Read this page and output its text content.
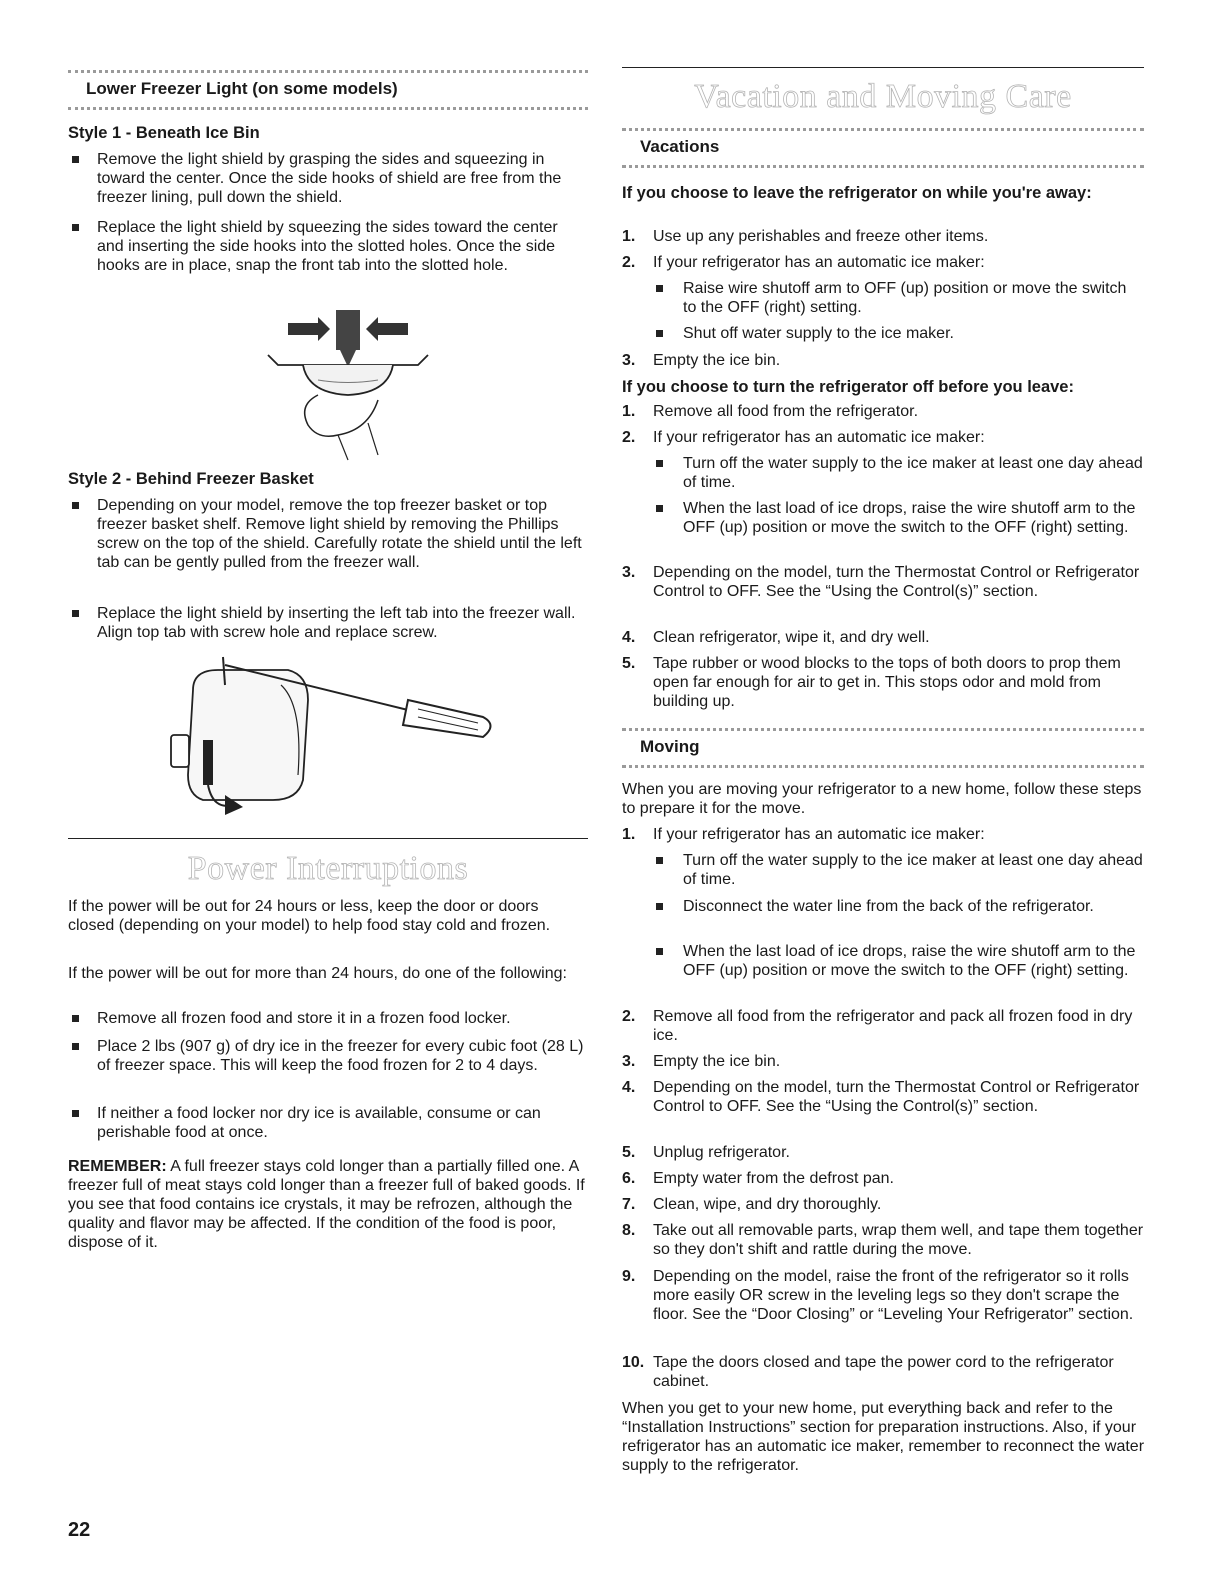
Lower Freezer Light (on some models)
Style 1 - Beneath Ice Bin
Remove the light shield by grasping the sides and squeezing in toward the center. Once the side hooks of shield are free from the freezer lining, pull down the shield.
Replace the light shield by squeezing the sides toward the center and inserting the side hooks into the slotted holes. Once the side hooks are in place, snap the front tab into the slotted hole.
Style 2 - Behind Freezer Basket
Depending on your model, remove the top freezer basket or top freezer basket shelf. Remove light shield by removing the Phillips screw on the top of the shield. Carefully rotate the shield until the left tab can be gently pulled from the freezer wall.
Replace the light shield by inserting the left tab into the freezer wall. Align top tab with screw hole and replace screw.
Power Interruptions
If the power will be out for 24 hours or less, keep the door or doors closed (depending on your model) to help food stay cold and frozen.
If the power will be out for more than 24 hours, do one of the following:
Remove all frozen food and store it in a frozen food locker.
Place 2 lbs (907 g) of dry ice in the freezer for every cubic foot (28 L) of freezer space. This will keep the food frozen for 2 to 4 days.
If neither a food locker nor dry ice is available, consume or can perishable food at once.
REMEMBER: A full freezer stays cold longer than a partially filled one. A freezer full of meat stays cold longer than a freezer full of baked goods. If you see that food contains ice crystals, it may be refrozen, although the quality and flavor may be affected. If the condition of the food is poor, dispose of it.
Vacation and Moving Care
Vacations
If you choose to leave the refrigerator on while you're away:
1.	Use up any perishables and freeze other items.
2.	If your refrigerator has an automatic ice maker:
Raise wire shutoff arm to OFF (up) position or move the switch to the OFF (right) setting.
Shut off water supply to the ice maker.
3.	Empty the ice bin.
If you choose to turn the refrigerator off before you leave:
1.	Remove all food from the refrigerator.
2.	If your refrigerator has an automatic ice maker:
Turn off the water supply to the ice maker at least one day ahead of time.
When the last load of ice drops, raise the wire shutoff arm to the OFF (up) position or move the switch to the OFF (right) setting.
3.	Depending on the model, turn the Thermostat Control or Refrigerator Control to OFF. See the “Using the Control(s)” section.
4.	Clean refrigerator, wipe it, and dry well.
5.	Tape rubber or wood blocks to the tops of both doors to prop them open far enough for air to get in. This stops odor and mold from building up.
Moving
When you are moving your refrigerator to a new home, follow these steps to prepare it for the move.
1.	If your refrigerator has an automatic ice maker:
Turn off the water supply to the ice maker at least one day ahead of time.
Disconnect the water line from the back of the refrigerator.
When the last load of ice drops, raise the wire shutoff arm to the OFF (up) position or move the switch to the OFF (right) setting.
2.	Remove all food from the refrigerator and pack all frozen food in dry ice.
3.	Empty the ice bin.
4.	Depending on the model, turn the Thermostat Control or Refrigerator Control to OFF. See the “Using the Control(s)” section.
5.	Unplug refrigerator.
6.	Empty water from the defrost pan.
7.	Clean, wipe, and dry thoroughly.
8.	Take out all removable parts, wrap them well, and tape them together so they don't shift and rattle during the move.
9.	Depending on the model, raise the front of the refrigerator so it rolls more easily OR screw in the leveling legs so they don't scrape the floor. See the “Door Closing” or “Leveling Your Refrigerator” section.
10. Tape the doors closed and tape the power cord to the refrigerator cabinet.
When you get to your new home, put everything back and refer to the “Installation Instructions” section for preparation instructions. Also, if your refrigerator has an automatic ice maker, remember to reconnect the water supply to the refrigerator.
22
